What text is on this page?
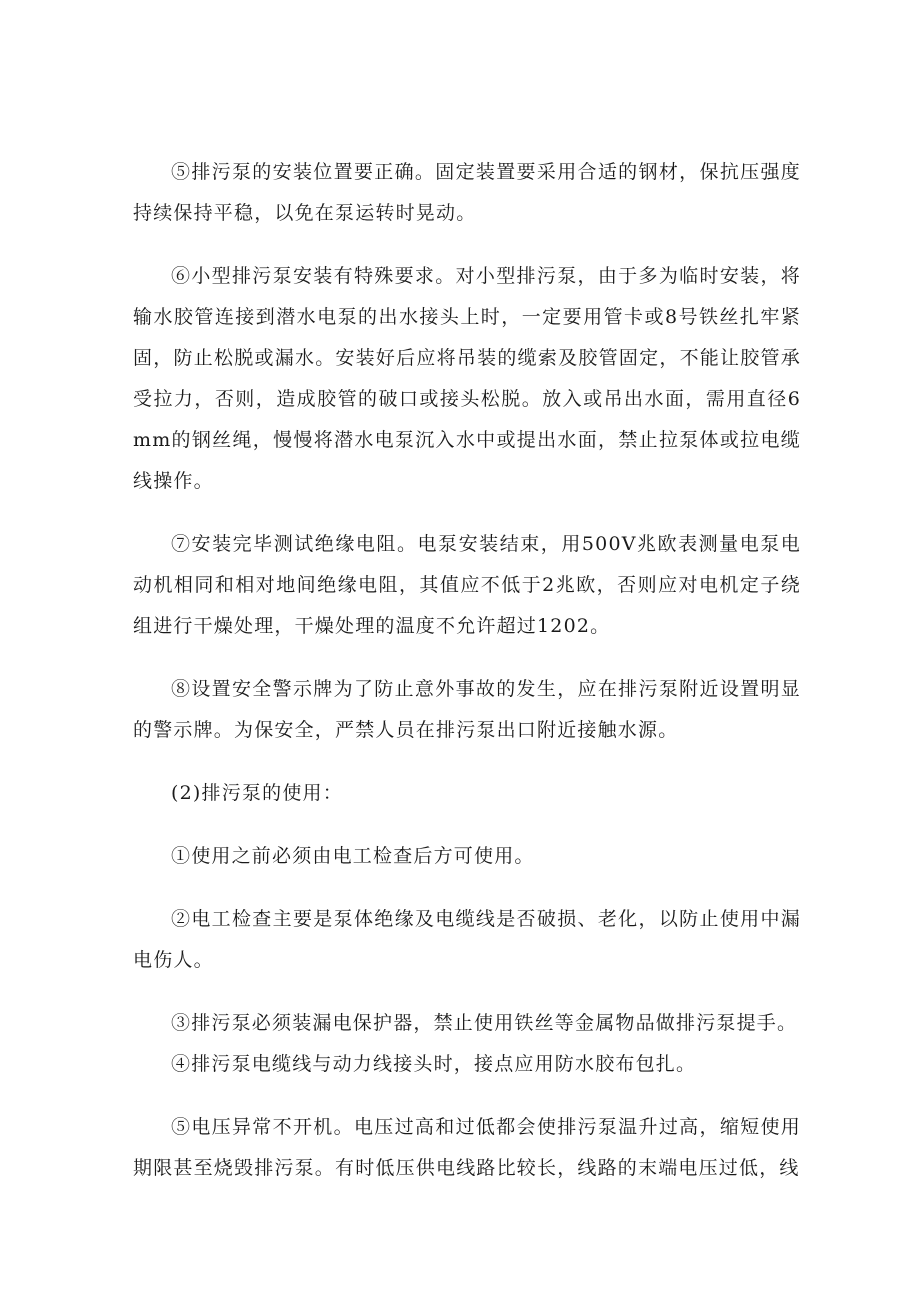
⑤排污泵的安装位置要正确。固定装置要采用合适的钢材，保抗压强度持续保持平稳，以免在泵运转时晃动。

⑥小型排污泵安装有特殊要求。对小型排污泵，由于多为临时安装，将输水胶管连接到潜水电泵的出水接头上时，一定要用管卡或8号铁丝扎牢紧固，防止松脱或漏水。安装好后应将吊装的缆索及胶管固定，不能让胶管承受拉力，否则，造成胶管的破口或接头松脱。放入或吊出水面，需用直径6mm的钢丝绳，慢慢将潜水电泵沉入水中或提出水面，禁止拉泵体或拉电缆线操作。

⑦安装完毕测试绝缘电阻。电泵安装结束，用500V兆欧表测量电泵电动机相同和相对地间绝缘电阻，其值应不低于2兆欧，否则应对电机定子绕组进行干燥处理，干燥处理的温度不允许超过1202。

⑧设置安全警示牌为了防止意外事故的发生，应在排污泵附近设置明显的警示牌。为保安全，严禁人员在排污泵出口附近接触水源。

(2)排污泵的使用：

①使用之前必须由电工检查后方可使用。

②电工检查主要是泵体绝缘及电缆线是否破损、老化，以防止使用中漏电伤人。

③排污泵必须装漏电保护器，禁止使用铁丝等金属物品做排污泵提手。

④排污泵电缆线与动力线接头时，接点应用防水胶布包扎。

⑤电压异常不开机。电压过高和过低都会使排污泵温升过高，缩短使用期限甚至烧毁排污泵。有时低压供电线路比较长，线路的末端电压过低，线
